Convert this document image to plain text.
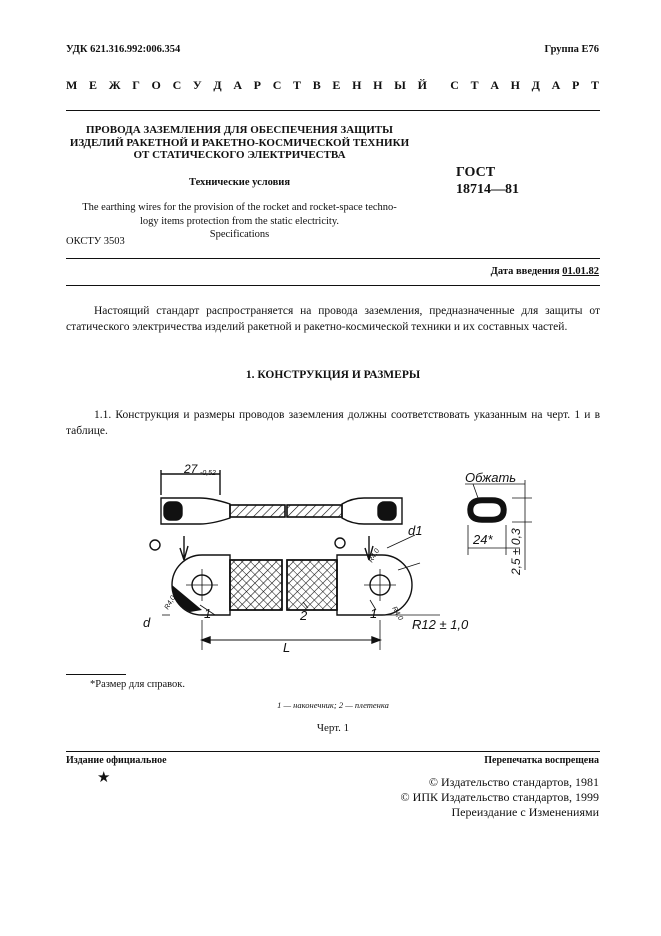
УДК 621.316.992:006.354	Группа Е76
М Е Ж Г О С У Д А Р С Т В Е Н Н Ы Й С Т А Н Д А Р Т
ПРОВОДА ЗАЗЕМЛЕНИЯ ДЛЯ ОБЕСПЕЧЕНИЯ ЗАЩИТЫ ИЗДЕЛИЙ РАКЕТНОЙ И РАКЕТНО-КОСМИЧЕСКОЙ ТЕХНИКИ ОТ СТАТИЧЕСКОГО ЭЛЕКТРИЧЕСТВА
Технические условия
The earthing wires for the provision of the rocket and rocket-space techno-
logy items protection from the static electricity.
Specifications
ОКСТУ 3503
ГОСТ
18714—81
Дата введения 01.01.82
Настоящий стандарт распространяется на провода заземления, предназначенные для защиты от статического электричества изделий ракетной и ракетно-космической техники и их составных частей.
1. КОНСТРУКЦИЯ И РАЗМЕРЫ
1.1. Конструкция и размеры проводов заземления должны соответствовать указанным на черт. 1 и в таблице.
27 -0,52
d
d1
L
R12 ± 1,0
1	2	1
R4,0
R4,0
R4,0
Обжать
24* 2,5 ± 0,3
*Размер для справок.
1 — наконечник; 2 — плетенка
Черт. 1
Издание официальное	Перепечатка воспрещена
★	© Издательство стандартов, 1981
© ИПК Издательство стандартов, 1999
Переиздание с Изменениями
